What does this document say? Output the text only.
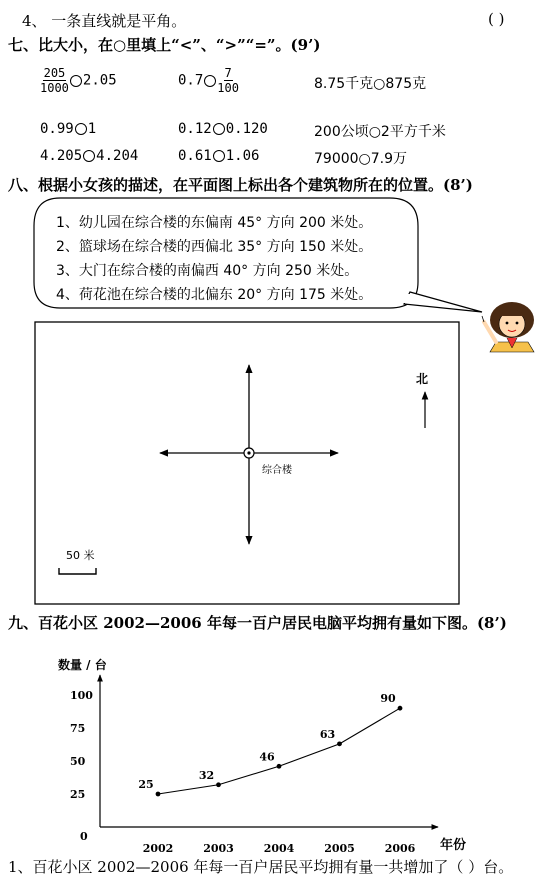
4、 一条直线就是平角。	( )
七、比大小，在○里填上“<”、“>”“=”。(9’)
$\frac{205}{1000} 2.05$	$0.7 \frac{7}{100}$	8.75千克○875克
0.99 1	0.12 0.120	200公顷○2平方千米
4.205 4.204	0.61 1.06	79000○7.9万
八、根据小女孩的描述，在平面图上标出各个建筑物所在的位置。(8’)
1、幼儿园在综合楼的东偏南 45° 方向 200 米处。
2、篮球场在综合楼的西偏北 35° 方向 150 米处。
3、大门在综合楼的南偏西 40° 方向 250 米处。
4、荷花池在综合楼的北偏东 20° 方向 175 米处。
综合楼
北
50 米
九、百花小区 2002—2006 年每一百户居民电脑平均拥有量如下图。(8’)
数量 / 台
年份
0
25
50
75
100
2002	2003	2004	2005	2006
25
32
46
63
90
1、百花小区 2002—2006 年每一百户居民平均拥有量一共增加了（ ）台。
